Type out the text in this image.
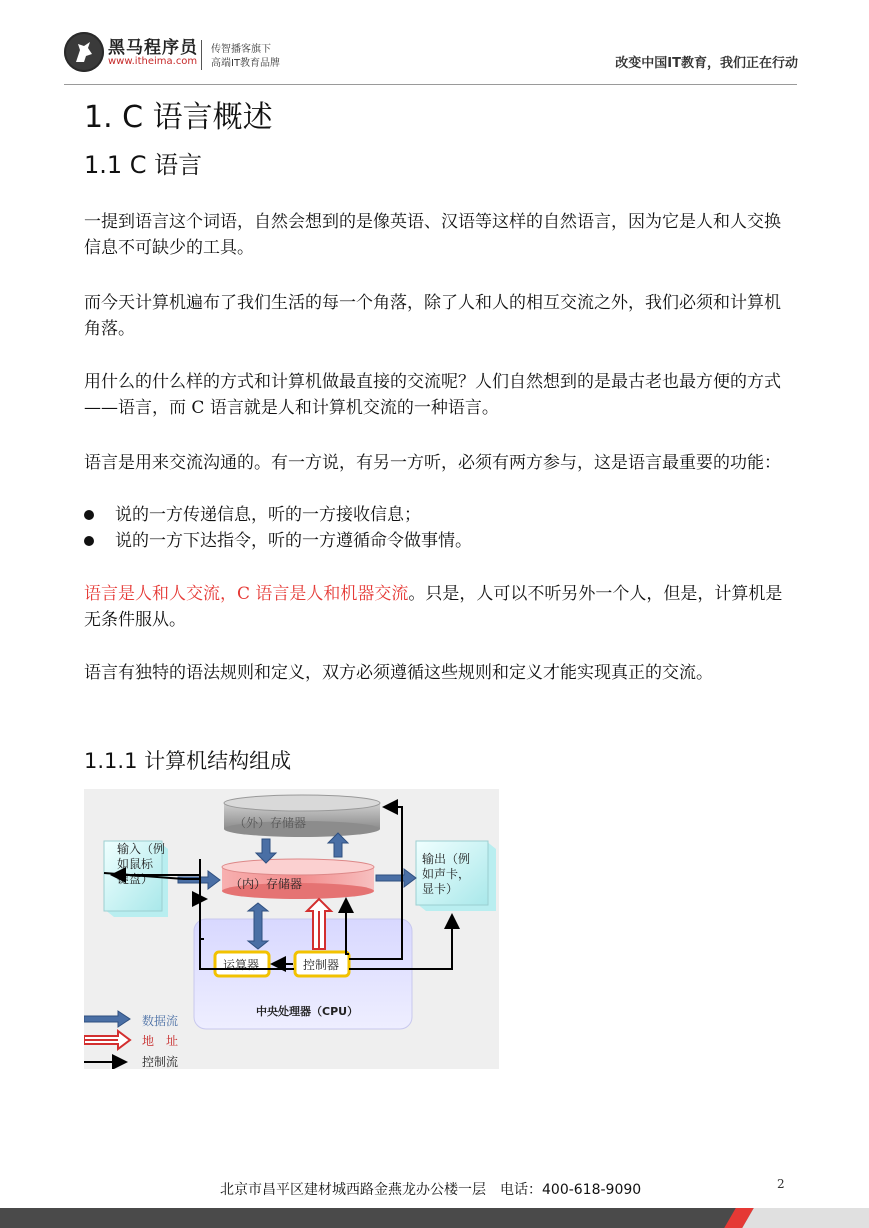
黑马程序员
www.itheima.com
传智播客旗下
高端IT教育品牌	改变中国IT教育，我们正在行动
1. C 语言概述
1.1 C 语言
一提到语言这个词语，自然会想到的是像英语、汉语等这样的自然语言，因为它是人和人交换信息不可缺少的工具。
而今天计算机遍布了我们生活的每一个角落，除了人和人的相互交流之外，我们必须和计算机角落。
用什么的什么样的方式和计算机做最直接的交流呢？人们自然想到的是最古老也最方便的方式——语言，而 C 语言就是人和计算机交流的一种语言。
语言是用来交流沟通的。有一方说，有另一方听，必须有两方参与，这是语言最重要的功能：
说的一方传递信息，听的一方接收信息；
说的一方下达指令，听的一方遵循命令做事情。
语言是人和人交流，C 语言是人和机器交流。只是，人可以不听另外一个人，但是，计算机是无条件服从。
语言有独特的语法规则和定义，双方必须遵循这些规则和定义才能实现真正的交流。
1.1.1 计算机结构组成
中央处理器（CPU）
（外）存储器
（内）存储器
输入（例
如鼠标
键盘）
输出（例
如声卡，
显卡）
运算器	控制器
数据流
地　址
控制流
北京市昌平区建材城西路金燕龙办公楼一层　电话：400-618-9090	2
